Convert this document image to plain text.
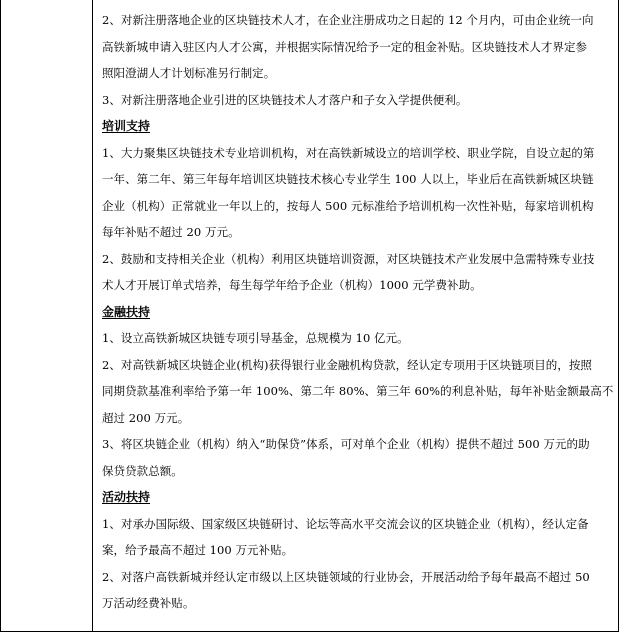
2、对新注册落地企业的区块链技术人才，在企业注册成功之日起的 12 个月内，可由企业统一向
高铁新城申请入驻区内人才公寓，并根据实际情况给予一定的租金补贴。区块链技术人才界定参
照阳澄湖人才计划标准另行制定。
3、对新注册落地企业引进的区块链技术人才落户和子女入学提供便利。
培训支持
1、大力聚集区块链技术专业培训机构，对在高铁新城设立的培训学校、职业学院，自设立起的第
一年、第二年、第三年每年培训区块链技术核心专业学生 100 人以上，毕业后在高铁新城区块链
企业（机构）正常就业一年以上的，按每人 500 元标准给予培训机构一次性补贴，每家培训机构
每年补贴不超过 20 万元。
2、鼓励和支持相关企业（机构）利用区块链培训资源，对区块链技术产业发展中急需特殊专业技
术人才开展订单式培养，每生每学年给予企业（机构）1000 元学费补助。
金融扶持
1、设立高铁新城区块链专项引导基金，总规模为 10 亿元。
2、对高铁新城区块链企业(机构)获得银行业金融机构贷款，经认定专项用于区块链项目的，按照
同期贷款基准利率给予第一年 100%、第二年 80%、第三年 60%的利息补贴，每年补贴金额最高不
超过 200 万元。
3、将区块链企业（机构）纳入“助保贷”体系，可对单个企业（机构）提供不超过 500 万元的助
保贷贷款总额。
活动扶持
1、对承办国际级、国家级区块链研讨、论坛等高水平交流会议的区块链企业（机构），经认定备
案，给予最高不超过 100 万元补贴。
2、对落户高铁新城并经认定市级以上区块链领域的行业协会，开展活动给予每年最高不超过 50
万活动经费补贴。
